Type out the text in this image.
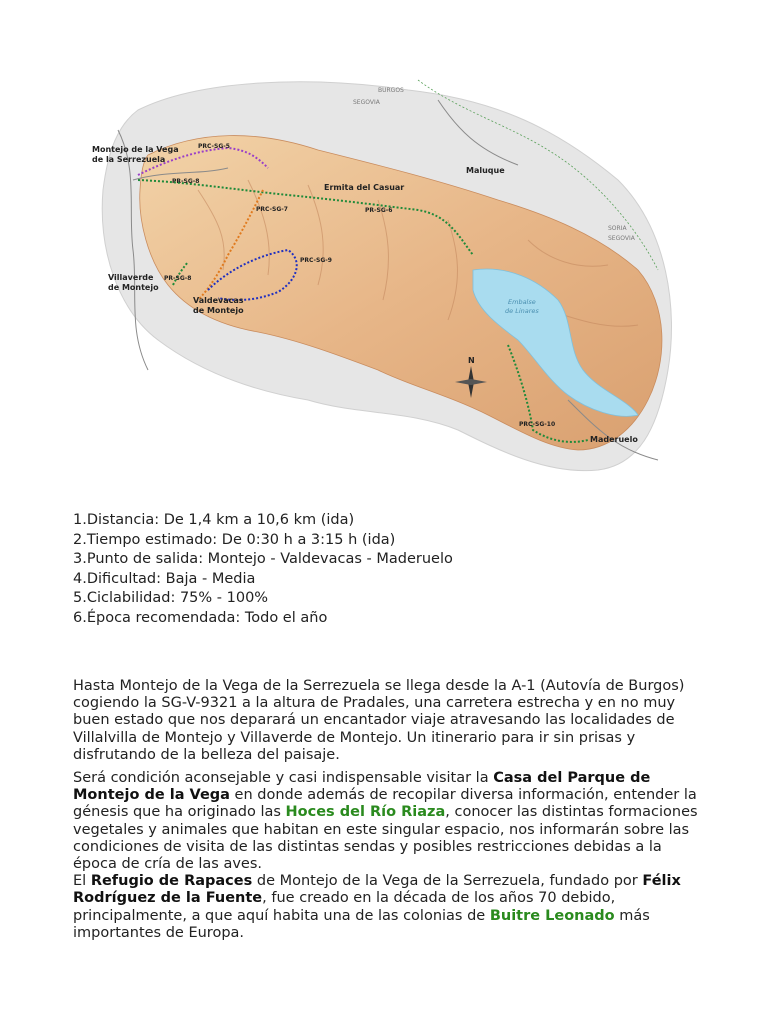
N
Montejo de la Vega
de la Serrezuela
Maluque
Ermita del Casuar
Villaverde
de Montejo
Valdevacas
de Montejo
Maderuelo
Embalse
de Linares
PRC-SG-5
PR-SG-8
PRC-SG-7	PR-SG-6
PRC-SG-9
PR-SG-8
PRC-SG-10
BURGOS
SEGOVIA
SORIA
SEGOVIA
1.Distancia: De 1,4 km a 10,6 km (ida)
2.Tiempo estimado: De 0:30 h a 3:15 h (ida)
3.Punto de salida: Montejo - Valdevacas - Maderuelo
4.Dificultad: Baja - Media
5.Ciclabilidad: 75% - 100%
6.Época recomendada: Todo el año

Hasta Montejo de la Vega de la Serrezuela se llega desde la A-1 (Autovía de Burgos) cogiendo la SG-V-9321 a la altura de Pradales, una carretera estrecha y en no muy buen estado que nos deparará un encantador viaje atravesando las localidades de Villalvilla de Montejo y Villaverde de Montejo. Un itinerario para ir sin prisas y disfrutando de la belleza del paisaje.

Será condición aconsejable y casi indispensable visitar la Casa del Parque de Montejo de la Vega en donde además de recopilar diversa información, entender la génesis que ha originado las Hoces del Río Riaza, conocer las distintas formaciones vegetales y animales que habitan en este singular espacio, nos informarán sobre las condiciones de visita de las distintas sendas y posibles restricciones debidas a la época de cría de las aves.
El Refugio de Rapaces de Montejo de la Vega de la Serrezuela, fundado por Félix Rodríguez de la Fuente, fue creado en la década de los años 70 debido, principalmente, a que aquí habita una de las colonias de Buitre Leonado más importantes de Europa.
